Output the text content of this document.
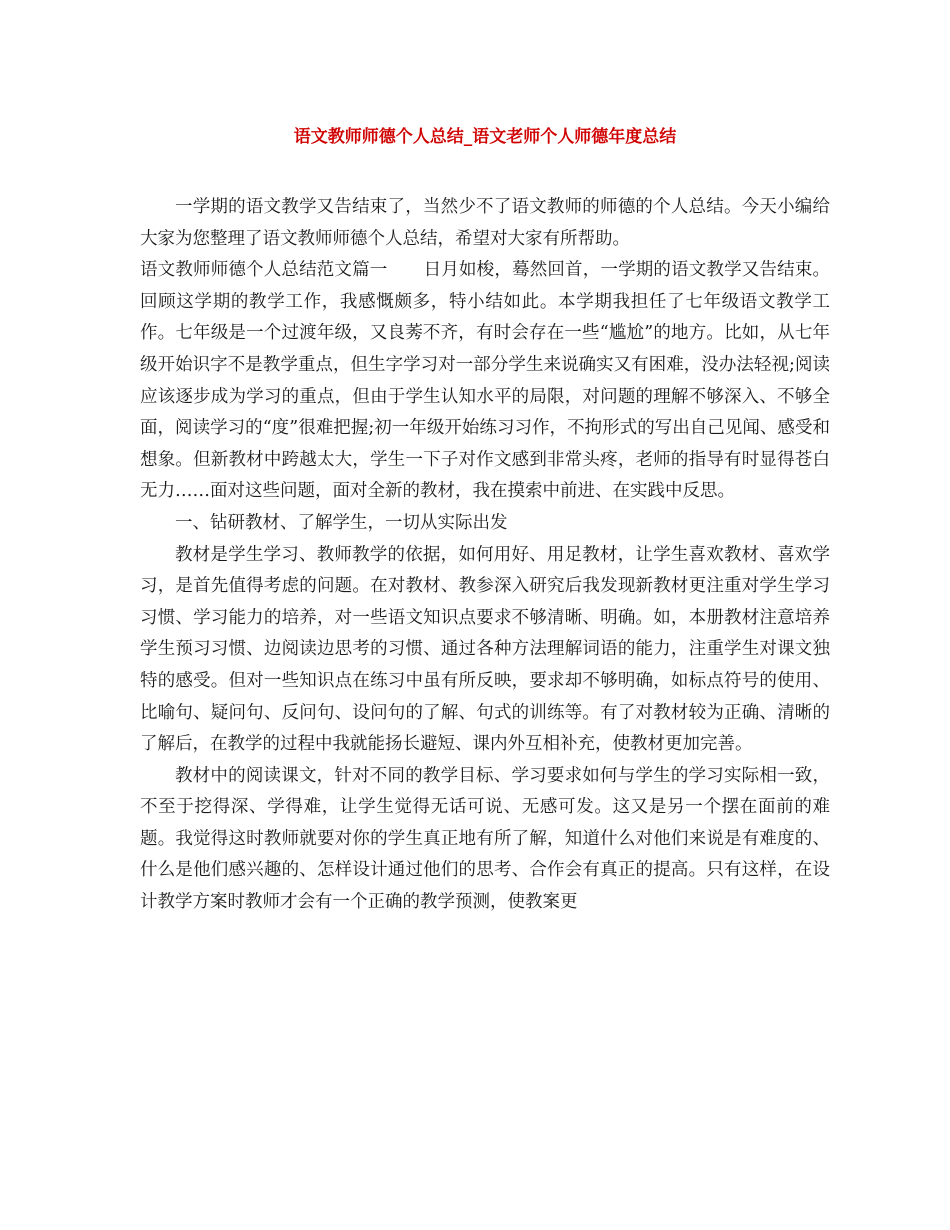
语文教师师德个人总结_语文老师个人师德年度总结

一学期的语文教学又告结束了，当然少不了语文教师的师德的个人总结。今天小编给大家为您整理了语文教师师德个人总结，希望对大家有所帮助。

语文教师师德个人总结范文篇一 日月如梭，蓦然回首，一学期的语文教学又告结束。回顾这学期的教学工作，我感慨颇多，特小结如此。本学期我担任了七年级语文教学工作。七年级是一个过渡年级，又良莠不齐，有时会存在一些“尴尬”的地方。比如，从七年级开始识字不是教学重点，但生字学习对一部分学生来说确实又有困难，没办法轻视;阅读应该逐步成为学习的重点，但由于学生认知水平的局限，对问题的理解不够深入、不够全面，阅读学习的“度”很难把握;初一年级开始练习习作，不拘形式的写出自己见闻、感受和想象。但新教材中跨越太大，学生一下子对作文感到非常头疼，老师的指导有时显得苍白无力……面对这些问题，面对全新的教材，我在摸索中前进、在实践中反思。

一、钻研教材、了解学生，一切从实际出发

教材是学生学习、教师教学的依据，如何用好、用足教材，让学生喜欢教材、喜欢学习，是首先值得考虑的问题。在对教材、教参深入研究后我发现新教材更注重对学生学习习惯、学习能力的培养，对一些语文知识点要求不够清晰、明确。如，本册教材注意培养学生预习习惯、边阅读边思考的习惯、通过各种方法理解词语的能力，注重学生对课文独特的感受。但对一些知识点在练习中虽有所反映，要求却不够明确，如标点符号的使用、比喻句、疑问句、反问句、设问句的了解、句式的训练等。有了对教材较为正确、清晰的了解后，在教学的过程中我就能扬长避短、课内外互相补充，使教材更加完善。

教材中的阅读课文，针对不同的教学目标、学习要求如何与学生的学习实际相一致，不至于挖得深、学得难，让学生觉得无话可说、无感可发。这又是另一个摆在面前的难题。我觉得这时教师就要对你的学生真正地有所了解，知道什么对他们来说是有难度的、什么是他们感兴趣的、怎样设计通过他们的思考、合作会有真正的提高。只有这样，在设计教学方案时教师才会有一个正确的教学预测，使教案更
